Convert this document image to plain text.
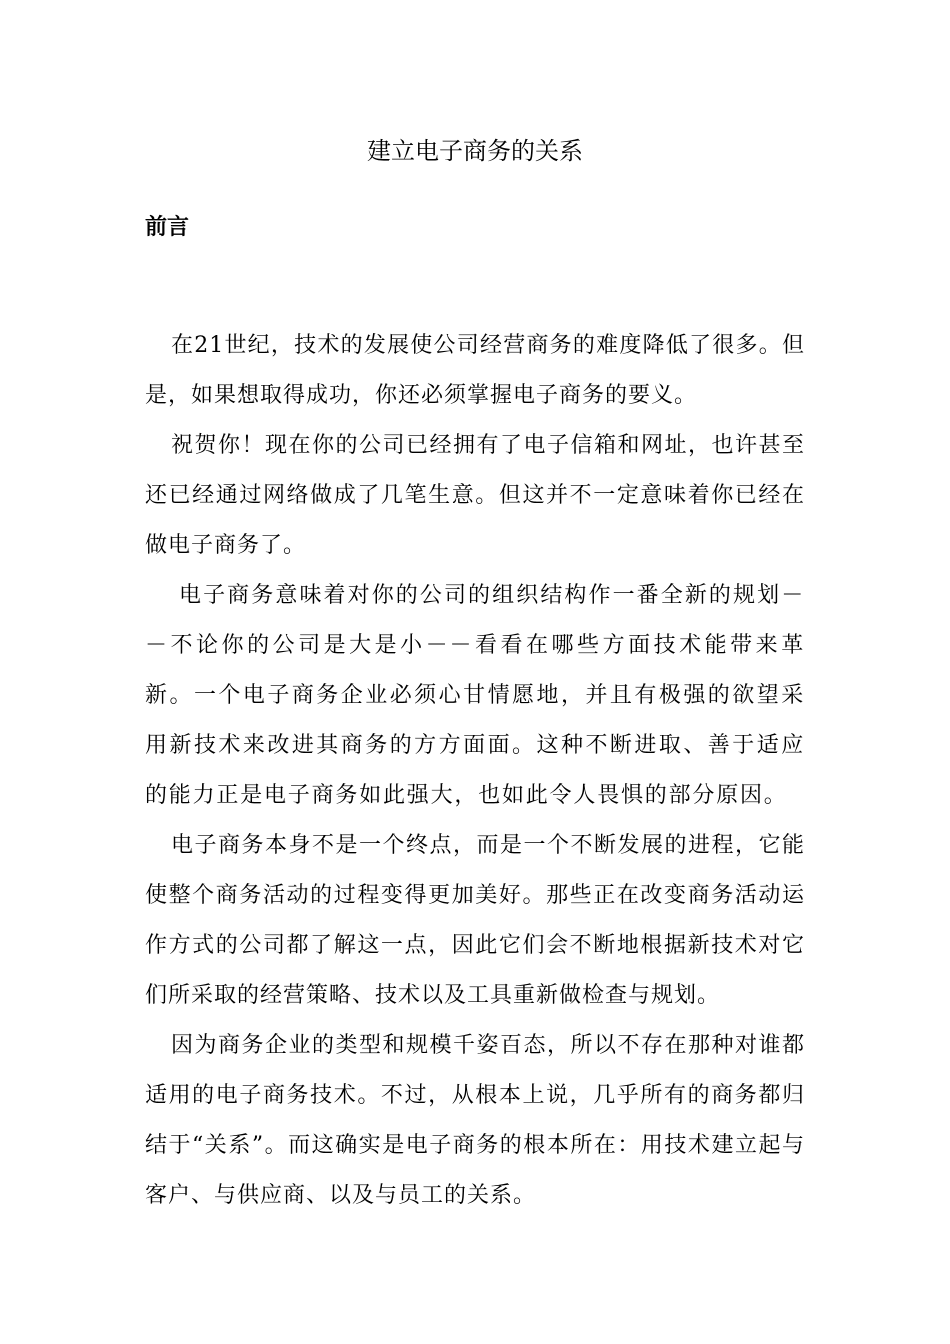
建立电子商务的关系
前言

在21世纪，技术的发展使公司经营商务的难度降低了很多。但是，如果想取得成功，你还必须掌握电子商务的要义。

祝贺你！现在你的公司已经拥有了电子信箱和网址，也许甚至还已经通过网络做成了几笔生意。但这并不一定意味着你已经在做电子商务了。

电子商务意味着对你的公司的组织结构作一番全新的规划－－不论你的公司是大是小－－看看在哪些方面技术能带来革新。一个电子商务企业必须心甘情愿地，并且有极强的欲望采用新技术来改进其商务的方方面面。这种不断进取、善于适应的能力正是电子商务如此强大，也如此令人畏惧的部分原因。

电子商务本身不是一个终点，而是一个不断发展的进程，它能使整个商务活动的过程变得更加美好。那些正在改变商务活动运作方式的公司都了解这一点，因此它们会不断地根据新技术对它们所采取的经营策略、技术以及工具重新做检查与规划。

因为商务企业的类型和规模千姿百态，所以不存在那种对谁都适用的电子商务技术。不过，从根本上说，几乎所有的商务都归结于“关系”。而这确实是电子商务的根本所在：用技术建立起与客户、与供应商、以及与员工的关系。
